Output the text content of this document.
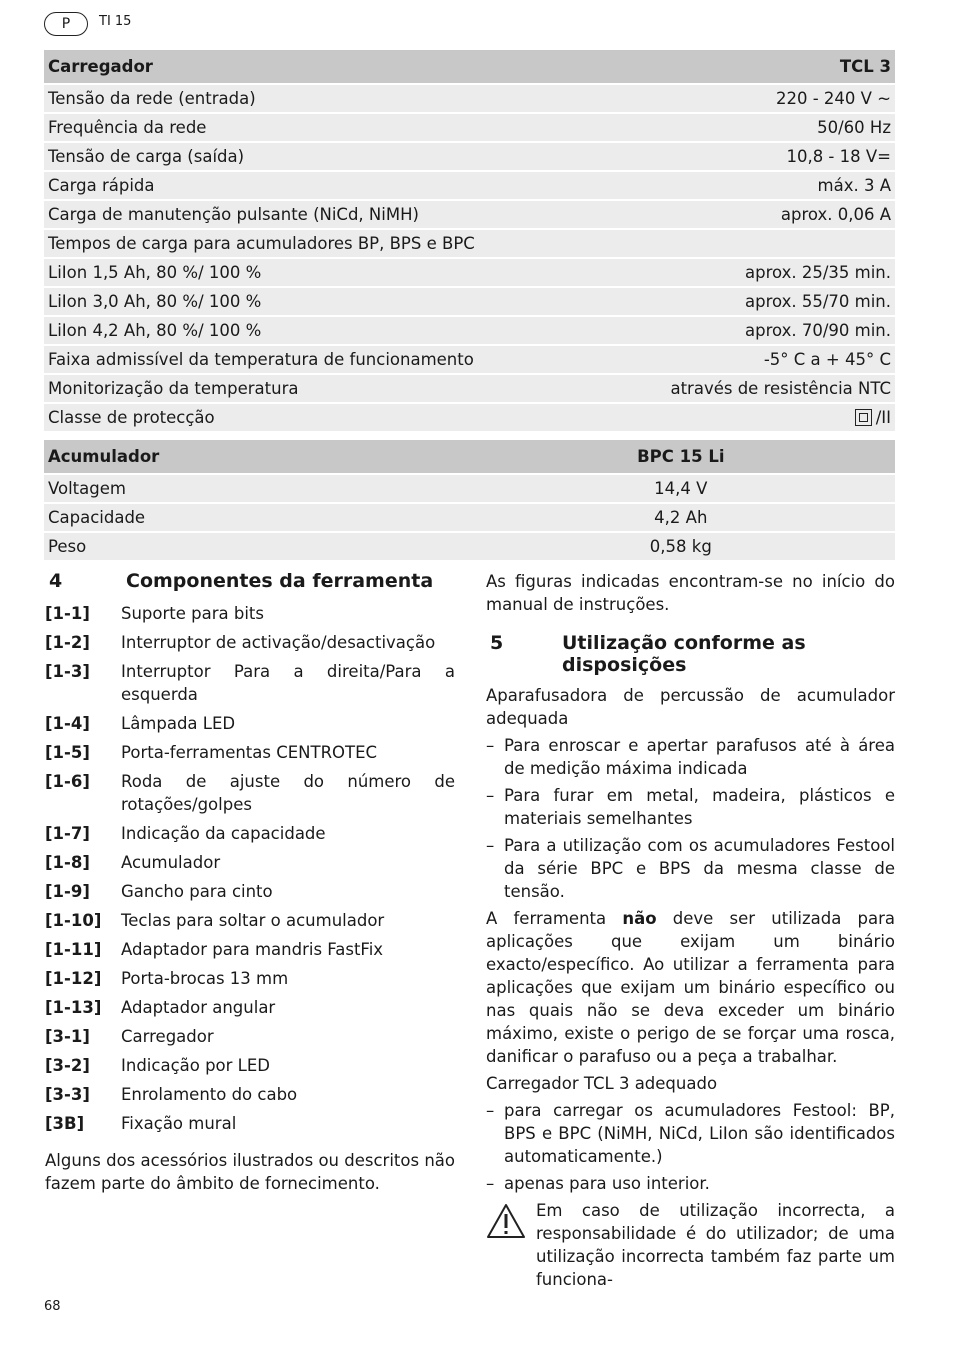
P	TI 15
Carregador	TCL 3
Tensão da rede (entrada)	220 - 240 V ~
Frequência da rede	50/60 Hz
Tensão de carga (saída)	10,8 - 18 V=
Carga rápida	máx. 3 A
Carga de manutenção pulsante (NiCd, NiMH)	aprox. 0,06 A
Tempos de carga para acumuladores BP, BPS e BPC	
LiIon 1,5 Ah, 80 %/ 100 %	aprox. 25/35 min.
LiIon 3,0 Ah, 80 %/ 100 %	aprox. 55/70 min.
LiIon 4,2 Ah, 80 %/ 100 %	aprox. 70/90 min.
Faixa admissível da temperatura de funcionamento	-5° C a + 45° C
Monitorização da temperatura	através de resistência NTC
Classe de protecção	/II
Acumulador	BPC 15 Li	
Voltagem	14,4 V	
Capacidade	4,2 Ah	
Peso	0,58 kg	
4	Componentes da ferramenta
[1-1]	Suporte para bits
[1-2]	Interruptor de activação/desactivação
[1-3]	Interruptor Para a direita/Para a esquerda
[1-4]	Lâmpada LED
[1-5]	Porta-ferramentas CENTROTEC
[1-6]	Roda de ajuste do número de rotações/golpes
[1-7]	Indicação da capacidade
[1-8]	Acumulador
[1-9]	Gancho para cinto
[1-10]	Teclas para soltar o acumulador
[1-11]	Adaptador para mandris FastFix
[1-12]	Porta-brocas 13 mm
[1-13]	Adaptador angular
[3-1]	Carregador
[3-2]	Indicação por LED
[3-3]	Enrolamento do cabo
[3B]	Fixação mural

Alguns dos acessórios ilustrados ou descritos não fazem parte do âmbito de fornecimento.

As figuras indicadas encontram-se no início do manual de instruções.

5	Utilização conforme as disposições

Aparafusadora de percussão de acumulador adequada

– Para enroscar e apertar parafusos até à área de medição máxima indicada
– Para furar em metal, madeira, plásticos e materiais semelhantes
– Para a utilização com os acumuladores Festool da série BPC e BPS da mesma classe de tensão.

A ferramenta não deve ser utilizada para aplicações que exijam um binário exacto/específico. Ao utilizar a ferramenta para aplicações que exijam um binário específico ou nas quais não se deva exceder um binário máximo, existe o perigo de se forçar uma rosca, danificar o parafuso ou a peça a trabalhar.

Carregador TCL 3 adequado

– para carregar os acumuladores Festool: BP, BPS e BPC (NiMH, NiCd, LiIon são identificados automaticamente.)
– apenas para uso interior.
Em caso de utilização incorrecta, a responsabilidade é do utilizador; de uma utilização incorrecta também faz parte um funciona-
68
